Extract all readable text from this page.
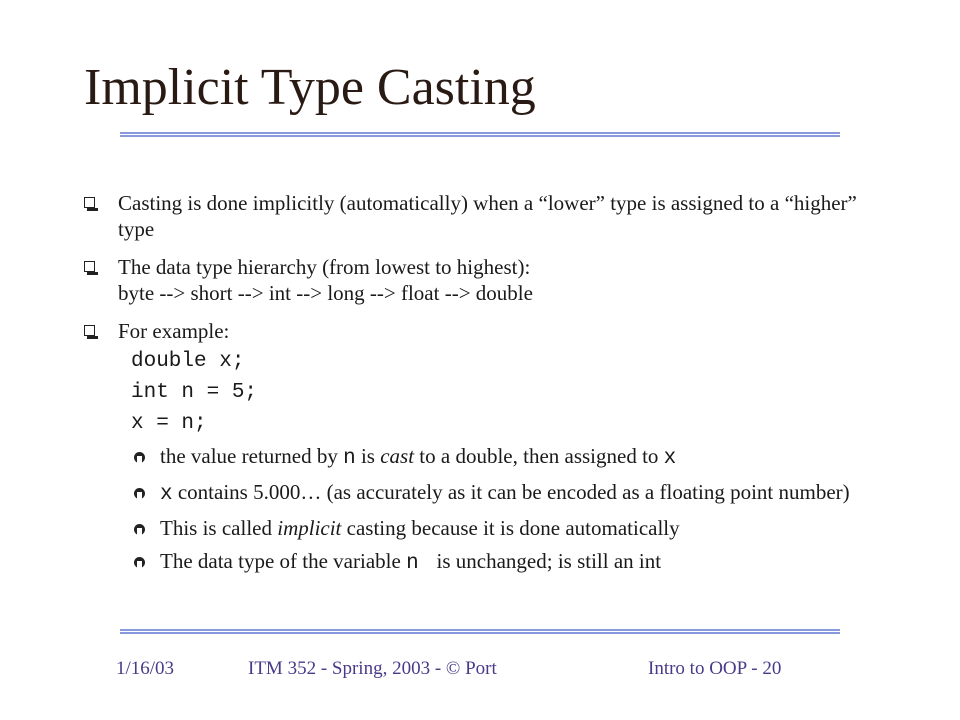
Implicit Type Casting
Casting is done implicitly (automatically) when a “lower” type is assigned to a “higher” type
The data type hierarchy (from lowest to highest):
byte --> short --> int --> long --> float --> double
For example:
double x;
int n = 5;
x = n;
the value returned by n is cast to a double, then assigned to x
x contains 5.000… (as accurately as it can be encoded as a floating point number)
This is called implicit casting because it is done automatically
The data type of the variable n  is unchanged; is still an int
1/16/03	ITM 352 - Spring, 2003 - © Port	Intro to OOP - 20
